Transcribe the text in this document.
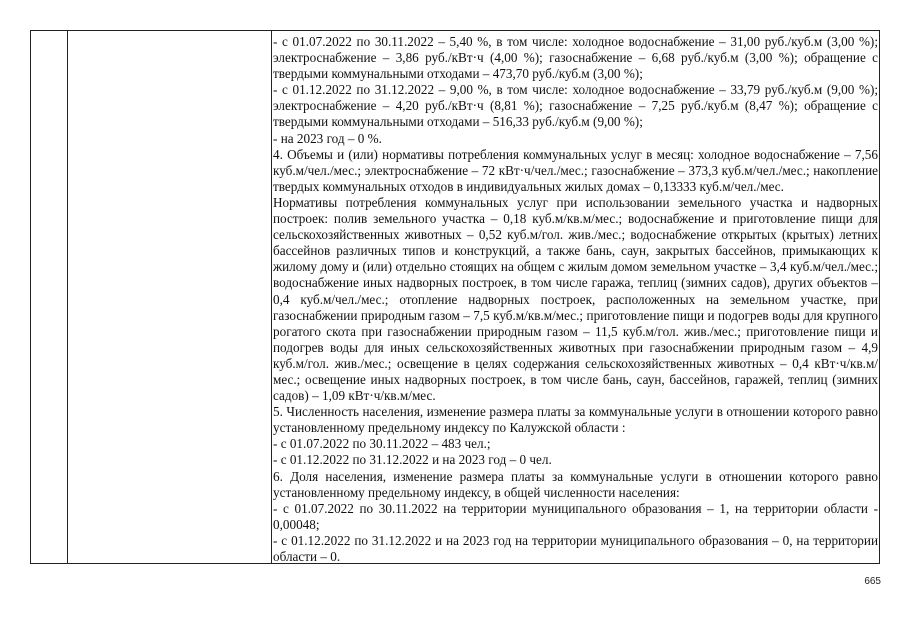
- с 01.07.2022 по 30.11.2022 – 5,40 %, в том числе: холодное водоснабжение – 31,00 руб./куб.м (3,00 %); электроснабжение – 3,86 руб./кВт·ч (4,00 %); газоснабжение – 6,68 руб./куб.м (3,00 %); обращение с твердыми коммунальными отходами – 473,70 руб./куб.м (3,00 %);

- с 01.12.2022 по 31.12.2022 – 9,00 %, в том числе: холодное водоснабжение – 33,79 руб./куб.м (9,00 %); электроснабжение – 4,20 руб./кВт·ч (8,81 %); газоснабжение – 7,25 руб./куб.м (8,47 %); обращение с твердыми коммунальными отходами – 516,33 руб./куб.м (9,00 %);

- на 2023 год – 0 %.

4. Объемы и (или) нормативы потребления коммунальных услуг в месяц: холодное водоснабжение – 7,56 куб.м/чел./мес.; электроснабжение – 72 кВт·ч/чел./мес.; газоснабжение – 373,3 куб.м/чел./мес.; накопление твердых коммунальных отходов в индивидуальных жилых домах – 0,13333 куб.м/чел./мес.

Нормативы потребления коммунальных услуг при использовании земельного участка и надворных построек: полив земельного участка – 0,18 куб.м/кв.м/мес.; водоснабжение и приготовление пищи для сельскохозяйственных животных – 0,52 куб.м/гол. жив./мес.; водоснабжение открытых (крытых) летних бассейнов различных типов и конструкций, а также бань, саун, закрытых бассейнов, примыкающих к жилому дому и (или) отдельно стоящих на общем с жилым домом земельном участке – 3,4 куб.м/чел./мес.; водоснабжение иных надворных построек, в том числе гаража, теплиц (зимних садов), других объектов – 0,4 куб.м/чел./мес.; отопление надворных построек, расположенных на земельном участке, при газоснабжении природным газом – 7,5 куб.м/кв.м/мес.; приготовление пищи и подогрев воды для крупного рогатого скота при газоснабжении природным газом – 11,5 куб.м/гол. жив./мес.; приготовление пищи и подогрев воды для иных сельскохозяйственных животных при газоснабжении природным газом – 4,9 куб.м/гол. жив./мес.; освещение в целях содержания сельскохозяйственных животных – 0,4 кВт·ч/кв.м/мес.; освещение иных надворных построек, в том числе бань, саун, бассейнов, гаражей, теплиц (зимних садов) – 1,09 кВт·ч/кв.м/мес.

5. Численность населения, изменение размера платы за коммунальные услуги в отношении которого равно установленному предельному индексу по Калужской области :

- с 01.07.2022 по 30.11.2022 – 483 чел.;

- с 01.12.2022 по 31.12.2022 и на 2023 год – 0 чел.

6. Доля населения, изменение размера платы за коммунальные услуги в отношении которого равно установленному предельному индексу, в общей численности населения:

- с 01.07.2022 по 30.11.2022 на территории муниципального образования – 1, на территории области - 0,00048;

- с 01.12.2022 по 31.12.2022 и на 2023 год на территории муниципального образования – 0, на территории области – 0.

665
